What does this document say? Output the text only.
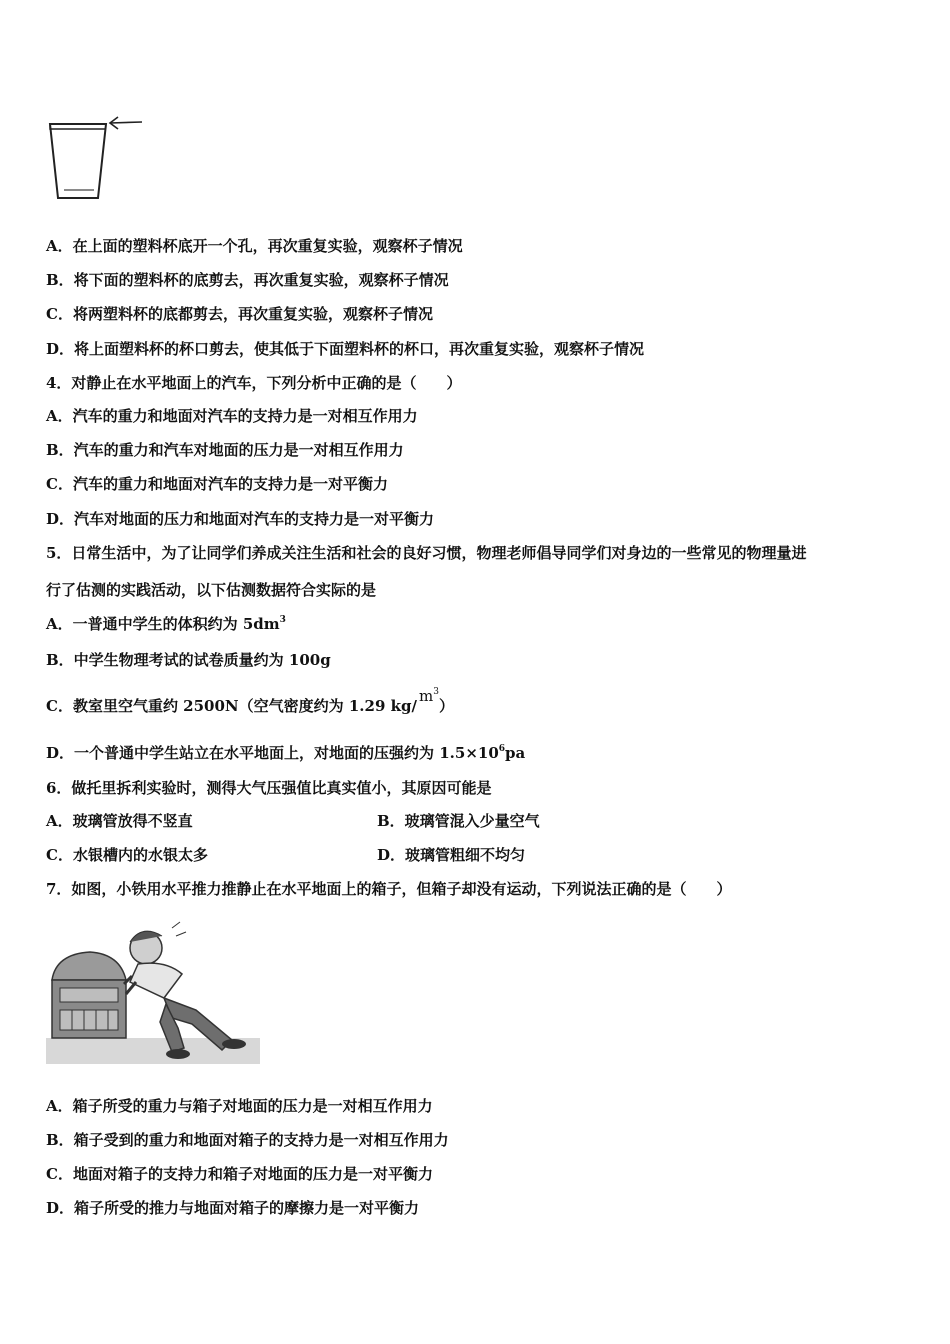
A．在上面的塑料杯底开一个孔，再次重复实验，观察杯子情况
B．将下面的塑料杯的底剪去，再次重复实验，观察杯子情况
C．将两塑料杯的底都剪去，再次重复实验，观察杯子情况
D．将上面塑料杯的杯口剪去，使其低于下面塑料杯的杯口，再次重复实验，观察杯子情况
4．对静止在水平地面上的汽车，下列分析中正确的是（　　）
A．汽车的重力和地面对汽车的支持力是一对相互作用力
B．汽车的重力和汽车对地面的压力是一对相互作用力
C．汽车的重力和地面对汽车的支持力是一对平衡力
D．汽车对地面的压力和地面对汽车的支持力是一对平衡力
5．日常生活中，为了让同学们养成关注生活和社会的良好习惯，物理老师倡导同学们对身边的一些常见的物理量进
行了估测的实践活动，以下估测数据符合实际的是
A．一普通中学生的体积约为 $5dm^3$
B．中学生物理考试的试卷质量约为 100g
C．教室里空气重约 2500N（空气密度约为 1.29 $kg/m^3$）
D．一个普通中学生站立在水平地面上，对地面的压强约为 $1.5\times 10^6pa$
6．做托里拆利实验时，测得大气压强值比真实值小，其原因可能是
A．玻璃管放得不竖直	B．玻璃管混入少量空气
C．水银槽内的水银太多	D．玻璃管粗细不均匀
7．如图，小铁用水平推力推静止在水平地面上的箱子，但箱子却没有运动，下列说法正确的是（　　）
A．箱子所受的重力与箱子对地面的压力是一对相互作用力
B．箱子受到的重力和地面对箱子的支持力是一对相互作用力
C．地面对箱子的支持力和箱子对地面的压力是一对平衡力
D．箱子所受的推力与地面对箱子的摩擦力是一对平衡力
